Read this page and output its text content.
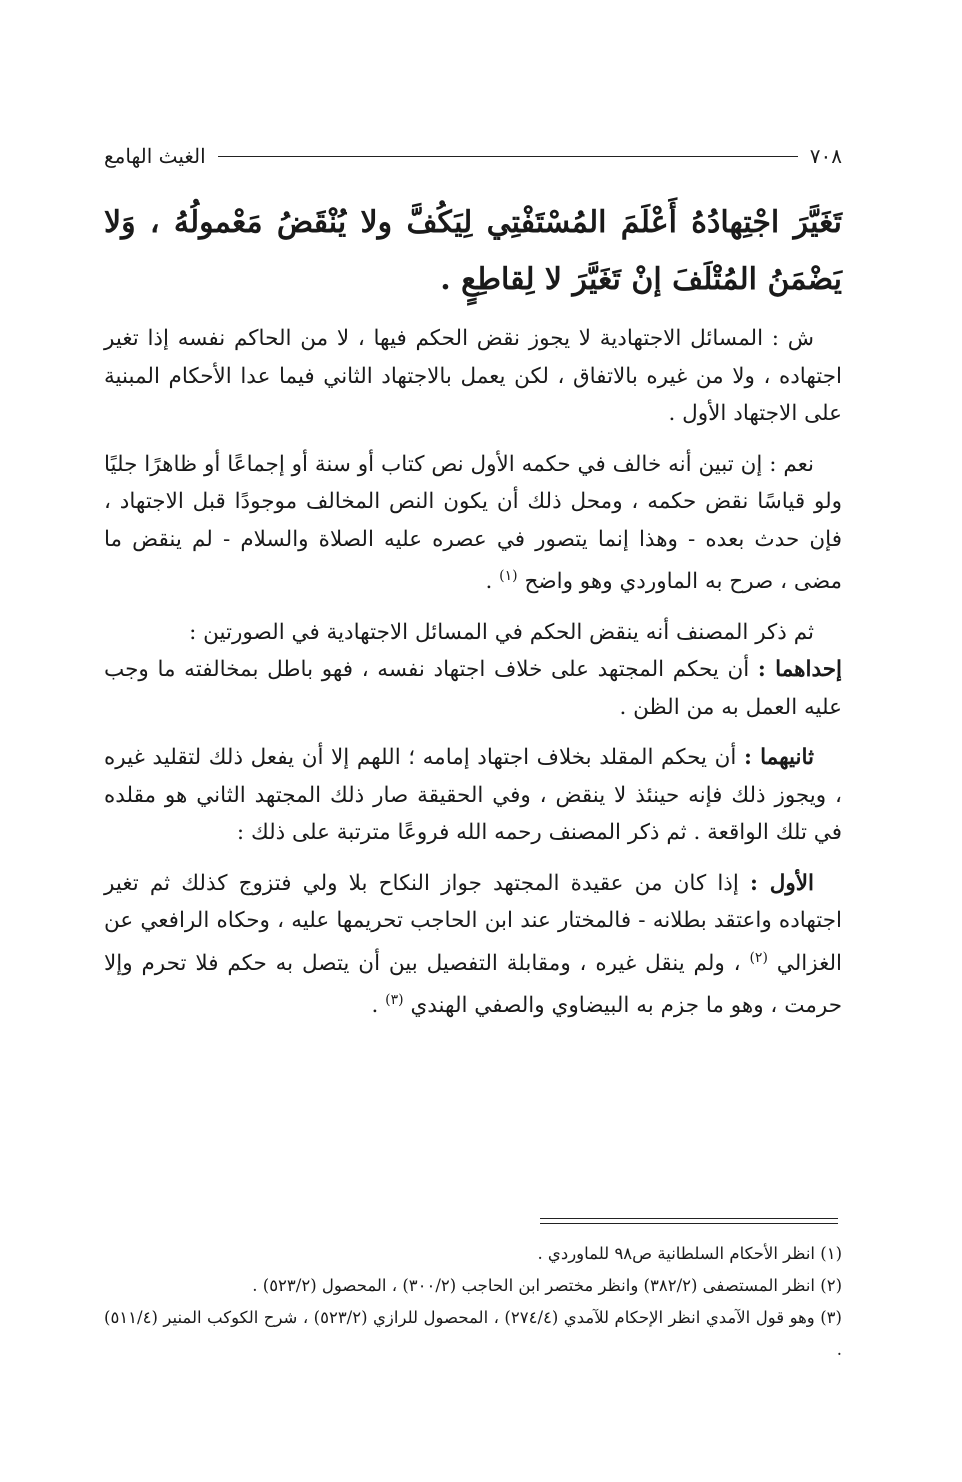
٧٠٨
الغيث الهامع
تَغَيَّرَ اجْتِهادُهُ أَعْلَمَ المُسْتَفْتِي لِيَكُفَّ ولا يُنْقَضُ مَعْمولُهُ ، وَلا يَضْمَنُ المُتْلَفَ إنْ تَغَيَّرَ لا لِقاطِعٍ .

ش : المسائل الاجتهادية لا يجوز نقض الحكم فيها ، لا من الحاكم نفسه إذا تغير اجتهاده ، ولا من غيره بالاتفاق ، لكن يعمل بالاجتهاد الثاني فيما عدا الأحكام المبنية على الاجتهاد الأول .

نعم : إن تبين أنه خالف في حكمه الأول نص كتاب أو سنة أو إجماعًا أو ظاهرًا جليًا ولو قياسًا نقض حكمه ، ومحل ذلك أن يكون النص المخالف موجودًا قبل الاجتهاد ، فإن حدث بعده - وهذا إنما يتصور في عصره عليه الصلاة والسلام - لم ينقض ما مضى ، صرح به الماوردي وهو واضح $^{(١)}$ .

ثم ذكر المصنف أنه ينقض الحكم في المسائل الاجتهادية في الصورتين :

إحداهما : أن يحكم المجتهد على خلاف اجتهاد نفسه ، فهو باطل بمخالفته ما وجب عليه العمل به من الظن .

ثانيهما : أن يحكم المقلد بخلاف اجتهاد إمامه ؛ اللهم إلا أن يفعل ذلك لتقليد غيره ، ويجوز ذلك فإنه حينئذ لا ينقض ، وفي الحقيقة صار ذلك المجتهد الثاني هو مقلده في تلك الواقعة . ثم ذكر المصنف رحمه الله فروعًا مترتبة على ذلك :

الأول : إذا كان من عقيدة المجتهد جواز النكاح بلا ولي فتزوج كذلك ثم تغير اجتهاده واعتقد بطلانه - فالمختار عند ابن الحاجب تحريمها عليه ، وحكاه الرافعي عن الغزالي $^{(٢)}$ ، ولم ينقل غيره ، ومقابلة التفصيل بين أن يتصل به حكم فلا تحرم وإلا حرمت ، وهو ما جزم به البيضاوي والصفي الهندي $^{(٣)}$ .

(١) انظر الأحكام السلطانية ص٩٨ للماوردي .
(٢) انظر المستصفى (٣٨٢/٢) وانظر مختصر ابن الحاجب (٣٠٠/٢) ، المحصول (٥٢٣/٢) .
(٣) وهو قول الآمدي انظر الإحكام للآمدي (٢٧٤/٤) ، المحصول للرازي (٥٢٣/٢) ، شرح الكوكب المنير (٥١١/٤) .
